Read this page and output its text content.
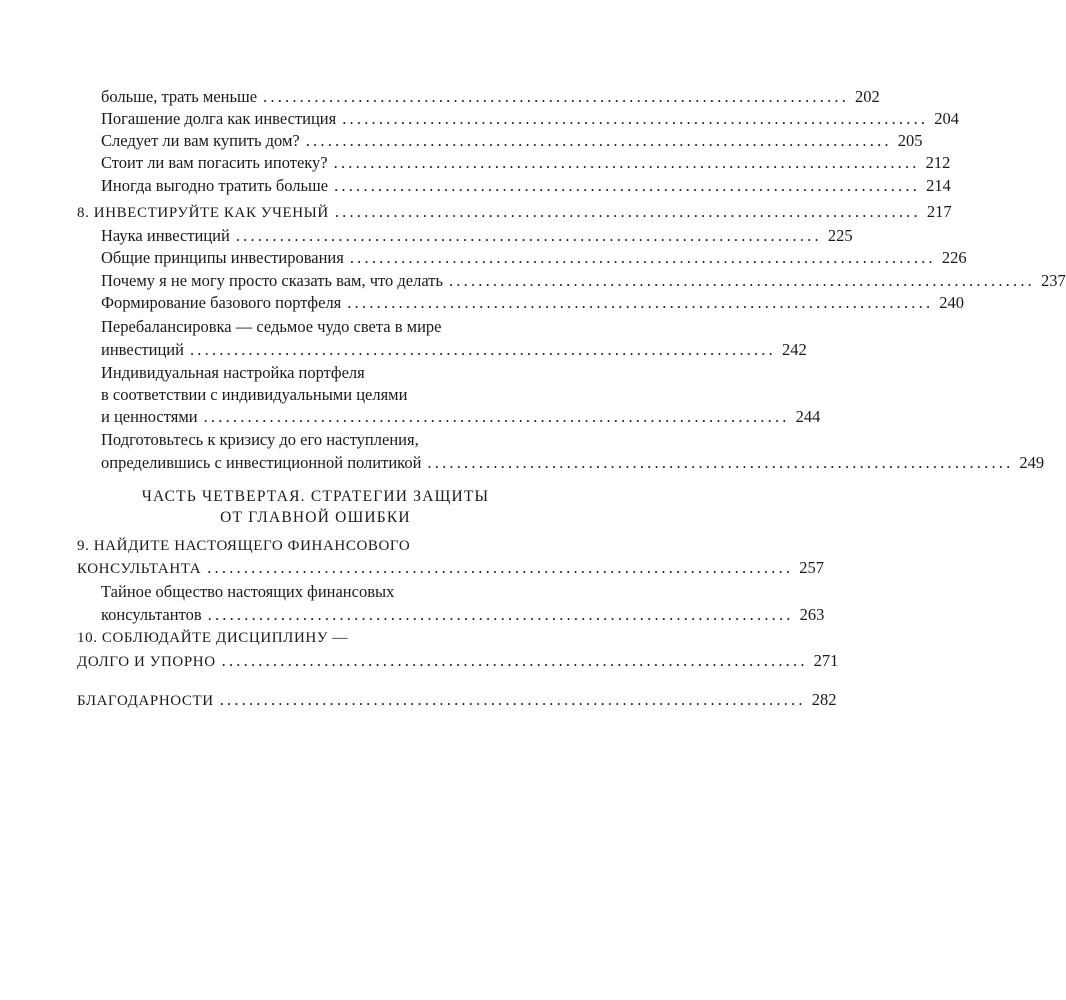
больше, трать меньше ................................................................................ 202
Погашение долга как инвестиция ................................................................................ 204
Следует ли вам купить дом? ................................................................................ 205
Стоит ли вам погасить ипотеку? ................................................................................ 212
Иногда выгодно тратить больше ................................................................................ 214
8. ИНВЕСТИРУЙТЕ КАК УЧЕНЫЙ ................................................................................ 217
Наука инвестиций ................................................................................ 225
Общие принципы инвестирования ................................................................................ 226
Почему я не могу просто сказать вам, что делать ................................................................................ 237
Формирование базового портфеля ................................................................................ 240
Перебалансировка — седьмое чудо света в мире
инвестиций ................................................................................ 242
Индивидуальная настройка портфеля
в соответствии с индивидуальными целями
и ценностями ................................................................................ 244
Подготовьтесь к кризису до его наступления,
определившись с инвестиционной политикой ................................................................................ 249
ЧАСТЬ ЧЕТВЕРТАЯ. СТРАТЕГИИ ЗАЩИТЫ
ОТ ГЛАВНОЙ ОШИБКИ
9. НАЙДИТЕ НАСТОЯЩЕГО ФИНАНСОВОГО
КОНСУЛЬТАНТА ................................................................................ 257
Тайное общество настоящих финансовых
консультантов ................................................................................ 263
10. СОБЛЮДАЙТЕ ДИСЦИПЛИНУ —
ДОЛГО И УПОРНО ................................................................................ 271
БЛАГОДАРНОСТИ ................................................................................ 282
